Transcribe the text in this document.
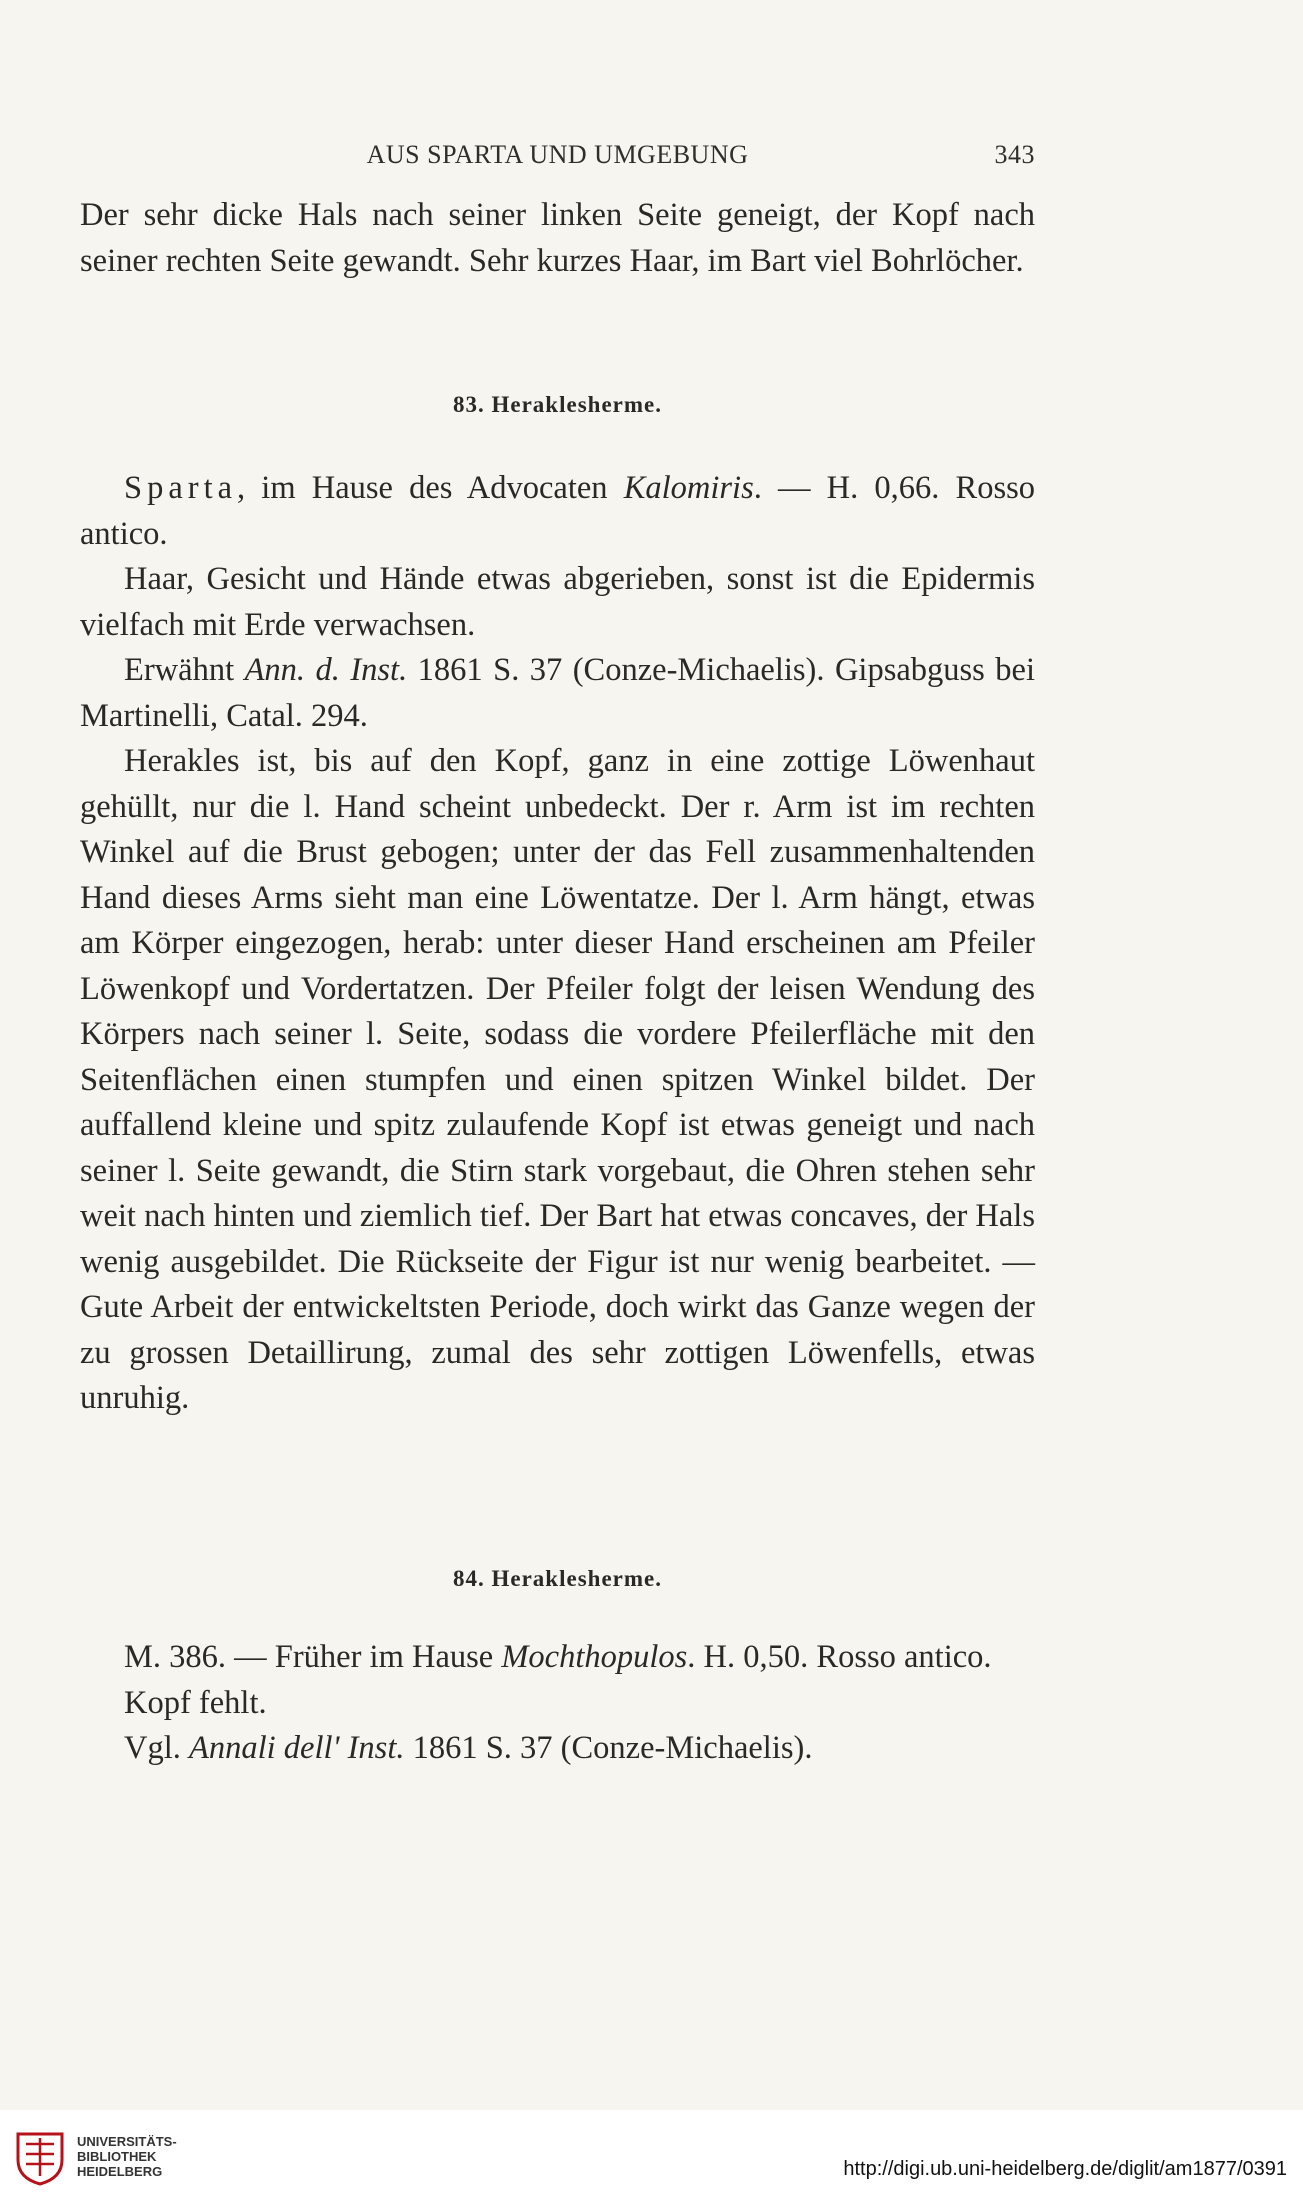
AUS SPARTA UND UMGEBUNG	343

Der sehr dicke Hals nach seiner linken Seite geneigt, der Kopf nach seiner rechten Seite gewandt. Sehr kurzes Haar, im Bart viel Bohrlöcher.

83. Heraklesherme.

Sparta, im Hause des Advocaten Kalomiris. — H. 0,66. Rosso antico.

Haar, Gesicht und Hände etwas abgerieben, sonst ist die Epidermis vielfach mit Erde verwachsen.

Erwähnt Ann. d. Inst. 1861 S. 37 (Conze-Michaelis). Gipsabguss bei Martinelli, Catal. 294.

Herakles ist, bis auf den Kopf, ganz in eine zottige Löwenhaut gehüllt, nur die l. Hand scheint unbedeckt. Der r. Arm ist im rechten Winkel auf die Brust gebogen; unter der das Fell zusammenhaltenden Hand dieses Arms sieht man eine Löwentatze. Der l. Arm hängt, etwas am Körper eingezogen, herab: unter dieser Hand erscheinen am Pfeiler Löwenkopf und Vordertatzen. Der Pfeiler folgt der leisen Wendung des Körpers nach seiner l. Seite, sodass die vordere Pfeilerfläche mit den Seitenflächen einen stumpfen und einen spitzen Winkel bildet. Der auffallend kleine und spitz zulaufende Kopf ist etwas geneigt und nach seiner l. Seite gewandt, die Stirn stark vorgebaut, die Ohren stehen sehr weit nach hinten und ziemlich tief. Der Bart hat etwas concaves, der Hals wenig ausgebildet. Die Rückseite der Figur ist nur wenig bearbeitet. — Gute Arbeit der entwickeltsten Periode, doch wirkt das Ganze wegen der zu grossen Detaillirung, zumal des sehr zottigen Löwenfells, etwas unruhig.

84. Heraklesherme.

M. 386. — Früher im Hause Mochthopulos. H. 0,50. Rosso antico.

Kopf fehlt.

Vgl. Annali dell' Inst. 1861 S. 37 (Conze-Michaelis).

UNIVERSITÄTS-
BIBLIOTHEK
HEIDELBERG	http://digi.ub.uni-heidelberg.de/diglit/am1877/0391
